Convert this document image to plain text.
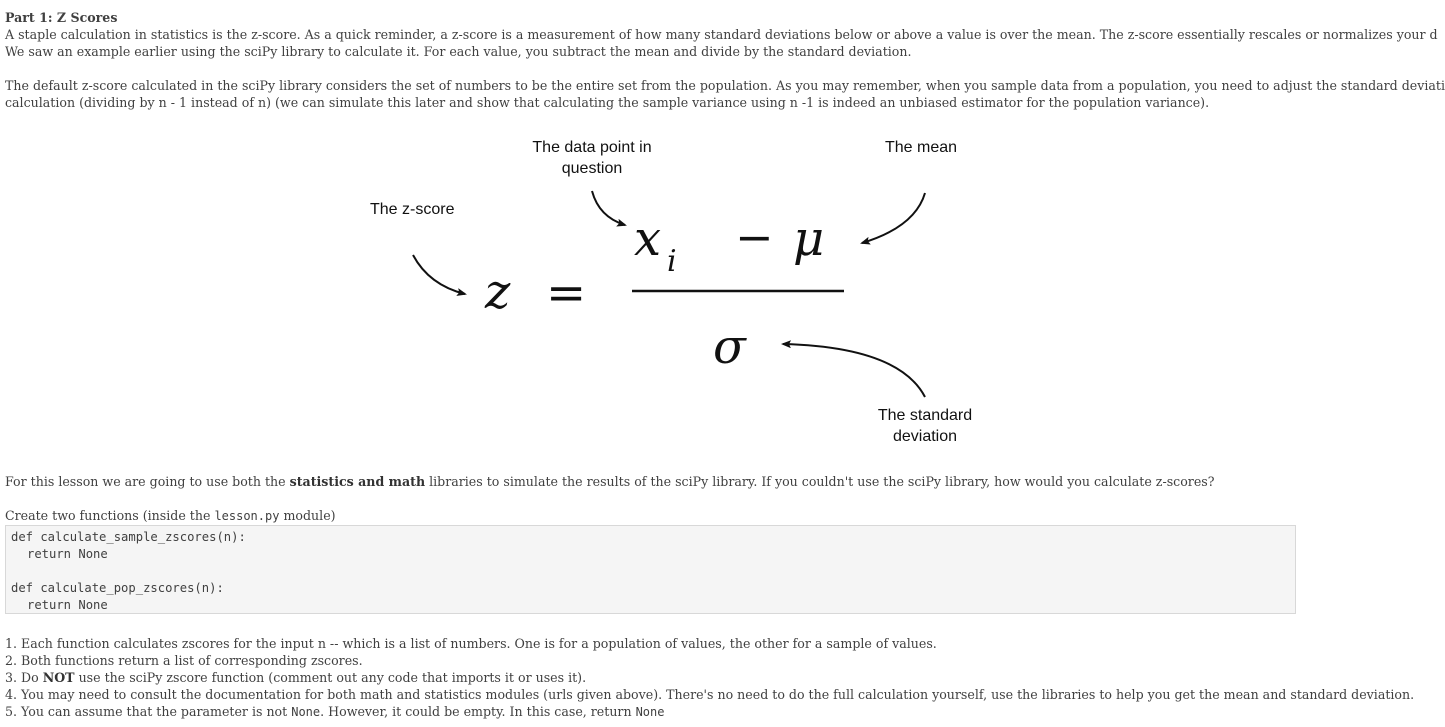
Part 1: Z Scores
A staple calculation in statistics is the z-score. As a quick reminder, a z-score is a measurement of how many standard deviations below or above a value is over the mean. The z-score essentially rescales or normalizes your d
We saw an example earlier using the sciPy library to calculate it. For each value, you subtract the mean and divide by the standard deviation.
The default z-score calculated in the sciPy library considers the set of numbers to be the entire set from the population. As you may remember, when you sample data from a population, you need to adjust the standard deviati
calculation (dividing by n - 1 instead of n) (we can simulate this later and show that calculating the sample variance using n -1 is indeed an unbiased estimator for the population variance).
z =
x i − μ
σ
The data point in
question
The mean
The z-score
The standard
deviation
For this lesson we are going to use both the statistics and math libraries to simulate the results of the sciPy library. If you couldn't use the sciPy library, how would you calculate z-scores?
Create two functions (inside the lesson.py module)
def calculate_sample_zscores(n):
return None
def calculate_pop_zscores(n):
return None
1. Each function calculates zscores for the input n -- which is a list of numbers. One is for a population of values, the other for a sample of values.
2. Both functions return a list of corresponding zscores.
3. Do NOT use the sciPy zscore function (comment out any code that imports it or uses it).
4. You may need to consult the documentation for both math and statistics modules (urls given above). There's no need to do the full calculation yourself, use the libraries to help you get the mean and standard deviation.
5. You can assume that the parameter is not None. However, it could be empty. In this case, return None
